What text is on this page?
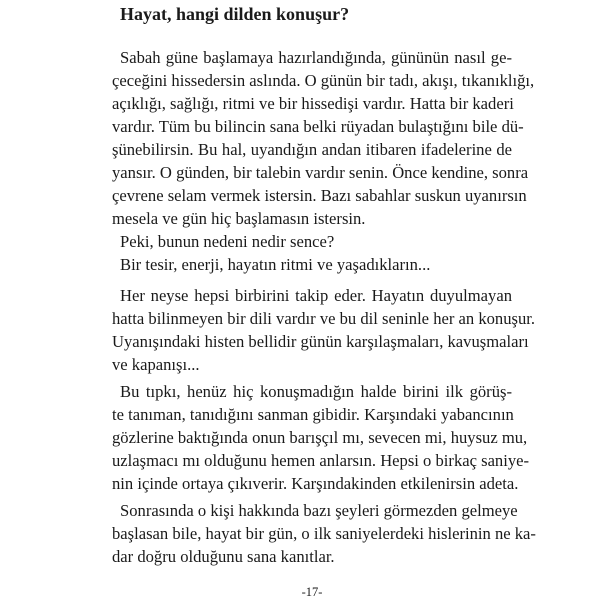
Hayat, hangi dilden konuşur?
Sabah güne başlamaya hazırlandığında, gününün nasıl ge-
çeceğini hissedersin aslında. O günün bir tadı, akışı, tıkanıklığı,
açıklığı, sağlığı, ritmi ve bir hissedişi vardır. Hatta bir kaderi
vardır. Tüm bu bilincin sana belki rüyadan bulaştığını bile dü-
şünebilirsin. Bu hal, uyandığın andan itibaren ifadelerine de
yansır. O günden, bir talebin vardır senin. Önce kendine, sonra
çevrene selam vermek istersin. Bazı sabahlar suskun uyanırsın
mesela ve gün hiç başlamasın istersin.
Peki, bunun nedeni nedir sence?
Bir tesir, enerji, hayatın ritmi ve yaşadıkların...
Her neyse hepsi birbirini takip eder. Hayatın duyulmayan
hatta bilinmeyen bir dili vardır ve bu dil seninle her an konuşur.
Uyanışındaki histen bellidir günün karşılaşmaları, kavuşmaları
ve kapanışı...
Bu tıpkı, henüz hiç konuşmadığın halde birini ilk görüş-
te tanıman, tanıdığını sanman gibidir. Karşındaki yabancının
gözlerine baktığında onun barışçıl mı, sevecen mi, huysuz mu,
uzlaşmacı mı olduğunu hemen anlarsın. Hepsi o birkaç saniye-
nin içinde ortaya çıkıverir. Karşındakinden etkilenirsin adeta.
Sonrasında o kişi hakkında bazı şeyleri görmezden gelmeye
başlasan bile, hayat bir gün, o ilk saniyelerdeki hislerinin ne ka-
dar doğru olduğunu sana kanıtlar.
-17-
